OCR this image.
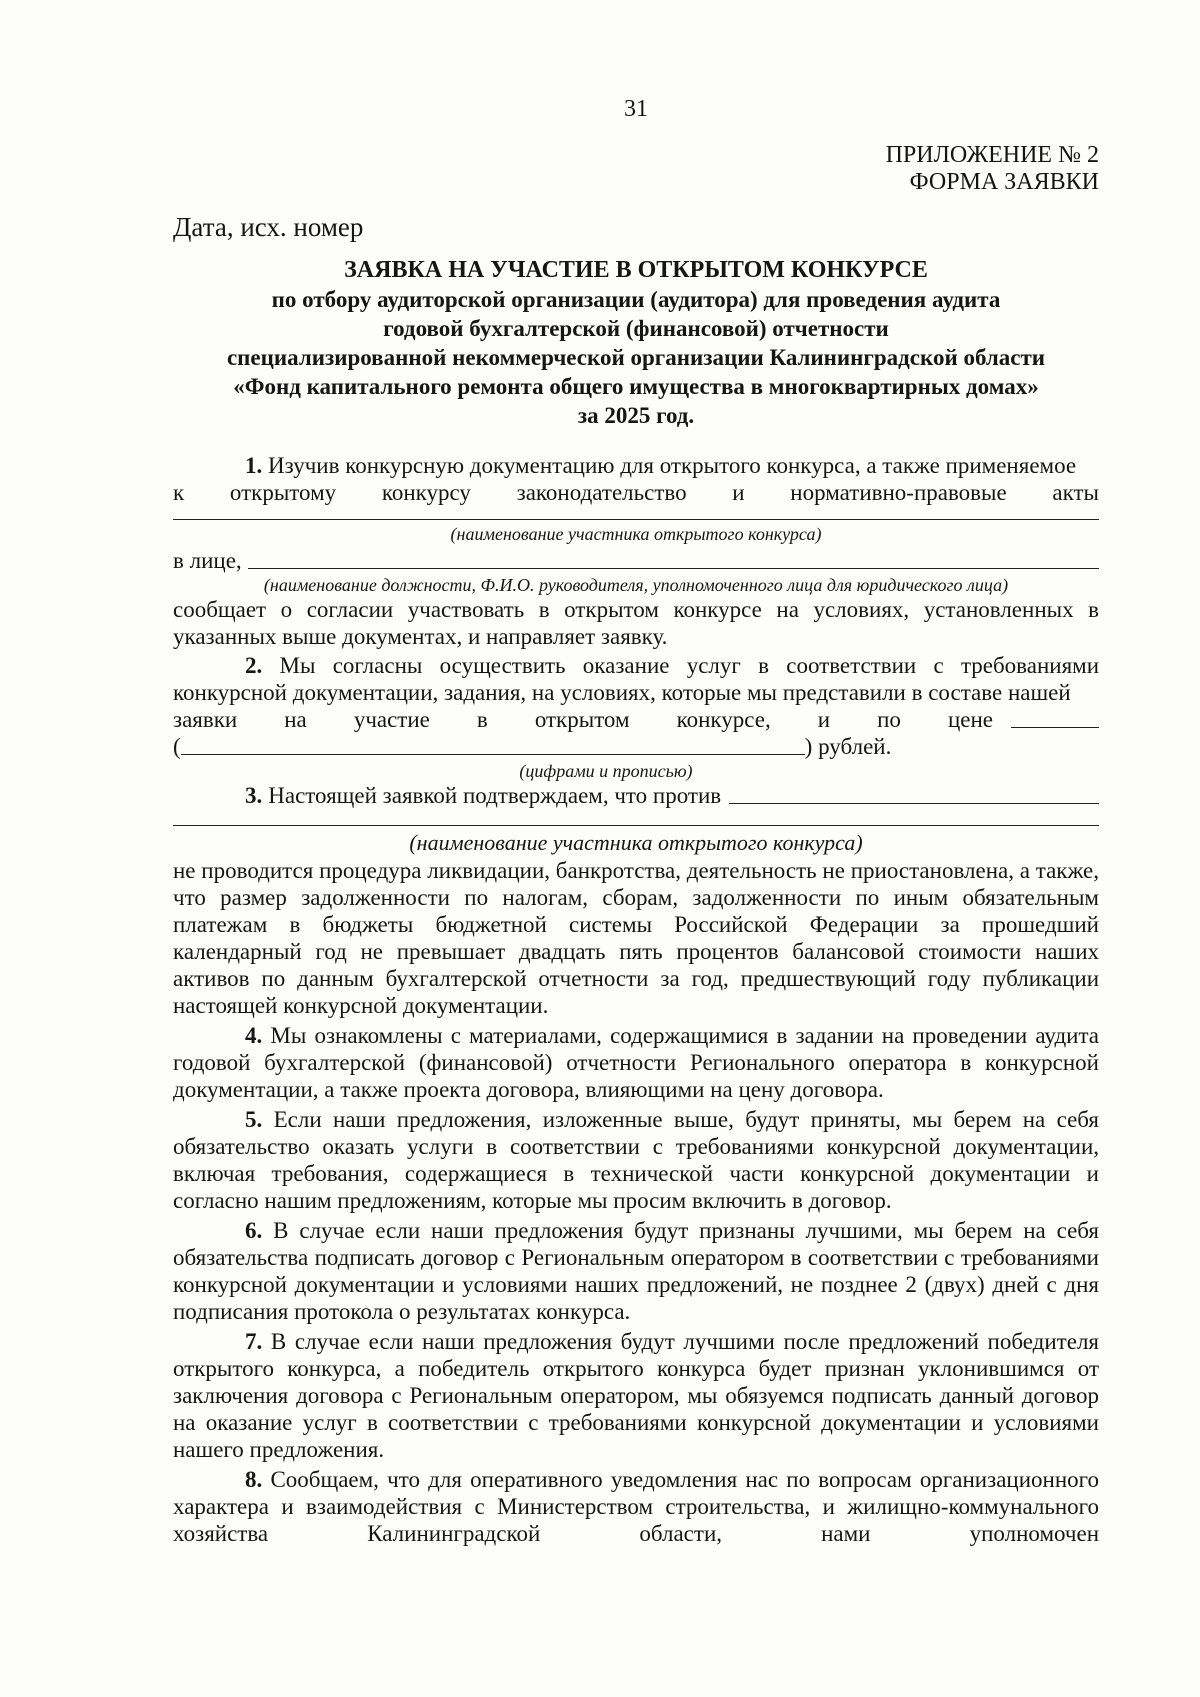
31
ПРИЛОЖЕНИЕ № 2
ФОРМА ЗАЯВКИ
Дата, исх. номер
ЗАЯВКА НА УЧАСТИЕ В ОТКРЫТОМ КОНКУРСЕ
по отбору аудиторской организации (аудитора) для проведения аудита
годовой бухгалтерской (финансовой) отчетности
специализированной некоммерческой организации Калининградской области
«Фонд капитального ремонта общего имущества в многоквартирных домах»
за 2025 год.
1. Изучив конкурсную документацию для открытого конкурса, а также применяемое
к открытому конкурсу законодательство и нормативно-правовые акты
(наименование участника открытого конкурса)
в лице,
(наименование должности, Ф.И.О. руководителя, уполномоченного лица для юридического лица)

сообщает о согласии участвовать в открытом конкурсе на условиях, установленных в указанных выше документах, и направляет заявку.

2. Мы согласны осуществить оказание услуг в соответствии с требованиями конкурсной документации, задания, на условиях, которые мы представили в составе нашей

заявки на участие в открытом конкурсе, и по цене
(	) рублей.
(цифрами и прописью)
3. Настоящей заявкой подтверждаем, что против
(наименование участника открытого конкурса)

не проводится процедура ликвидации, банкротства, деятельность не приостановлена, а также, что размер задолженности по налогам, сборам, задолженности по иным обязательным платежам в бюджеты бюджетной системы Российской Федерации за прошедший календарный год не превышает двадцать пять процентов балансовой стоимости наших активов по данным бухгалтерской отчетности за год, предшествующий году публикации настоящей конкурсной документации.

4. Мы ознакомлены с материалами, содержащимися в задании на проведении аудита годовой бухгалтерской (финансовой) отчетности Регионального оператора в конкурсной документации, а также проекта договора, влияющими на цену договора.

5. Если наши предложения, изложенные выше, будут приняты, мы берем на себя обязательство оказать услуги в соответствии с требованиями конкурсной документации, включая требования, содержащиеся в технической части конкурсной документации и согласно нашим предложениям, которые мы просим включить в договор.

6. В случае если наши предложения будут признаны лучшими, мы берем на себя обязательства подписать договор с Региональным оператором в соответствии с требованиями конкурсной документации и условиями наших предложений, не позднее 2 (двух) дней с дня подписания протокола о результатах конкурса.

7. В случае если наши предложения будут лучшими после предложений победителя открытого конкурса, а победитель открытого конкурса будет признан уклонившимся от заключения договора с Региональным оператором, мы обязуемся подписать данный договор на оказание услуг в соответствии с требованиями конкурсной документации и условиями нашего предложения.

8. Сообщаем, что для оперативного уведомления нас по вопросам организационного характера и взаимодействия с Министерством строительства, и жилищно-коммунального хозяйства Калининградской области, нами уполномочен
